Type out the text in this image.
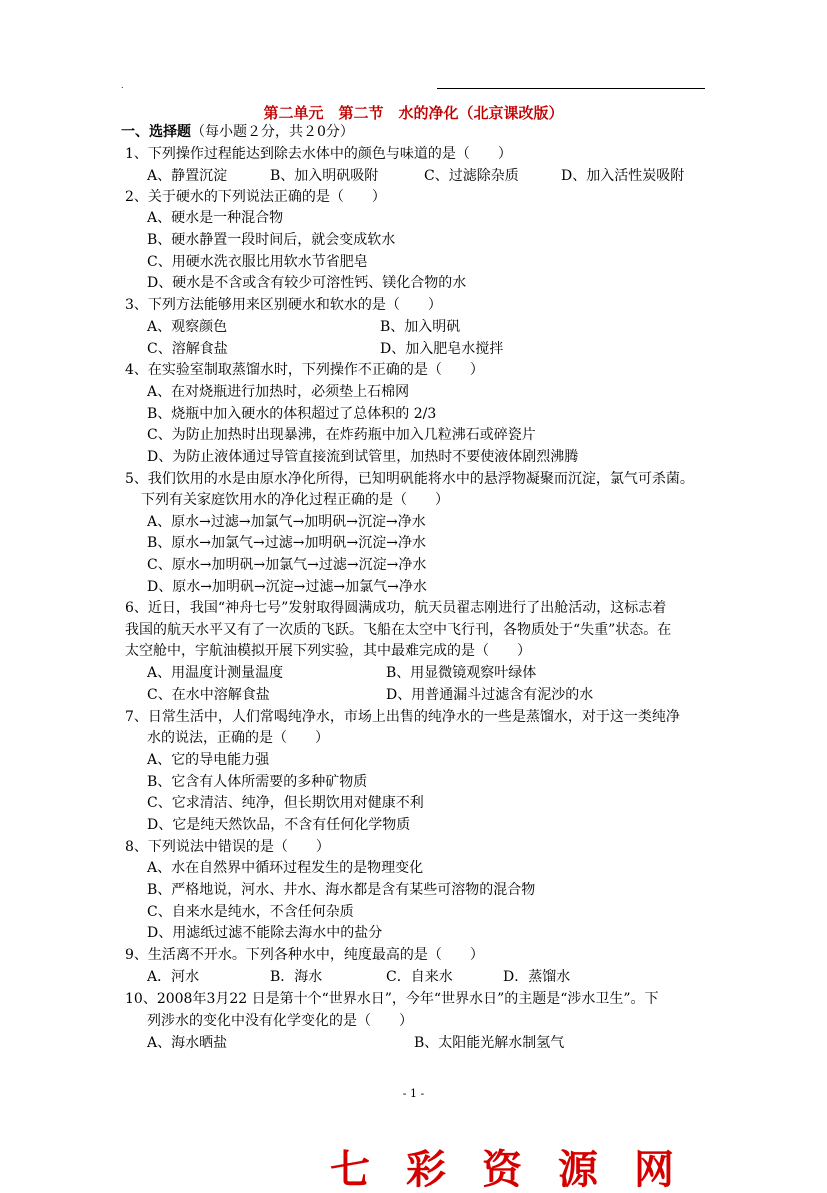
.
第二单元　第二节　水的净化（北京课改版）
一、选择题（每小题２分，共２0分）
1、下列操作过程能达到除去水体中的颜色与味道的是（　　）
A、静置沉淀	B、加入明矾吸附	C、过滤除杂质	D、加入活性炭吸附
2、关于硬水的下列说法正确的是（　　）
A、硬水是一种混合物
B、硬水静置一段时间后，就会变成软水
C、用硬水洗衣服比用软水节省肥皂
D、硬水是不含或含有较少可溶性钙、镁化合物的水
3、下列方法能够用来区别硬水和软水的是（　　）
A、观察颜色	B、加入明矾
C、溶解食盐	D、加入肥皂水搅拌
4、在实验室制取蒸馏水时，下列操作不正确的是（　　）
A、在对烧瓶进行加热时，必须垫上石棉网
B、烧瓶中加入硬水的体积超过了总体积的 2/3
C、为防止加热时出现暴沸，在炸药瓶中加入几粒沸石或碎瓷片
D、为防止液体通过导管直接流到试管里，加热时不要使液体剧烈沸腾
5、我们饮用的水是由原水净化所得，已知明矾能将水中的悬浮物凝聚而沉淀，氯气可杀菌。
下列有关家庭饮用水的净化过程正确的是（　　）
A、原水→过滤→加氯气→加明矾→沉淀→净水
B、原水→加氯气→过滤→加明矾→沉淀→净水
C、原水→加明矾→加氯气→过滤→沉淀→净水
D、原水→加明矾→沉淀→过滤→加氯气→净水
6、近日，我国“神舟七号”发射取得圆满成功，航天员翟志刚进行了出舱活动，这标志着
我国的航天水平又有了一次质的飞跃。飞船在太空中飞行刊，各物质处于“失重”状态。在
太空舱中，宇航油模拟开展下列实验，其中最难完成的是（　　）
A、用温度计测量温度	B、用显微镜观察叶绿体
C、在水中溶解食盐	D、用普通漏斗过滤含有泥沙的水
7、日常生活中，人们常喝纯净水，市场上出售的纯净水的一些是蒸馏水，对于这一类纯净
水的说法，正确的是（　　）
A、它的导电能力强
B、它含有人体所需要的多种矿物质
C、它求清洁、纯净，但长期饮用对健康不利
D、它是纯天然饮品，不含有任何化学物质
8、下列说法中错误的是（　　）
A、水在自然界中循环过程发生的是物理变化
B、严格地说，河水、井水、海水都是含有某些可溶物的混合物
C、自来水是纯水，不含任何杂质
D、用滤纸过滤不能除去海水中的盐分
9、生活离不开水。下列各种水中，纯度最高的是（　　）
A．河水	B．海水	C．自来水	D．蒸馏水
10、2008年3月22 日是第十个“世界水日”，今年“世界水日”的主题是“涉水卫生”。下
列涉水的变化中没有化学变化的是（　　）
A、海水晒盐	B、太阳能光解水制氢气
- 1 -
七彩资源网
